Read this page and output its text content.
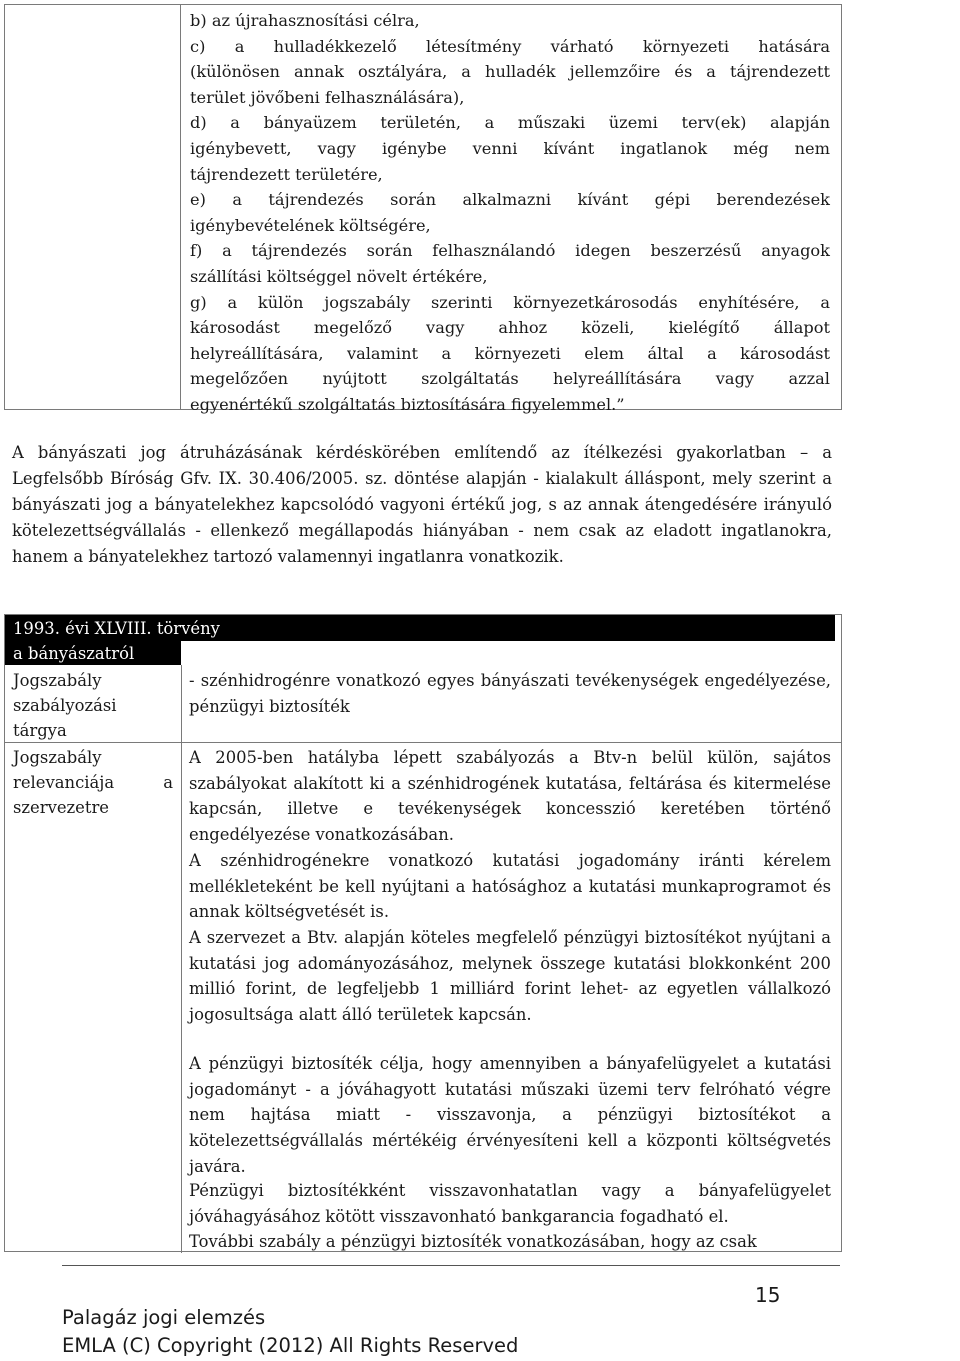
b) az újrahasznosítási célra,
c) a hulladékkezelő létesítmény várható környezeti hatására
(különösen annak osztályára, a hulladék jellemzőire és a tájrendezett
terület jövőbeni felhasználására),
d) a bányaüzem területén, a műszaki üzemi terv(ek) alapján
igénybevett, vagy igénybe venni kívánt ingatlanok még nem
tájrendezett területére,
e) a tájrendezés során alkalmazni kívánt gépi berendezések
igénybevételének költségére,
f) a tájrendezés során felhasználandó idegen beszerzésű anyagok
szállítási költséggel növelt értékére,
g) a külön jogszabály szerinti környezetkárosodás enyhítésére, a
károsodást megelőző vagy ahhoz közeli, kielégítő állapot
helyreállítására, valamint a környezeti elem által a károsodást
megelőzően nyújtott szolgáltatás helyreállítására vagy azzal
egyenértékű szolgáltatás biztosítására figyelemmel.”
A bányászati jog átruházásának kérdéskörében említendő az ítélkezési gyakorlatban – a Legfelsőbb Bíróság Gfv. IX. 30.406/2005. sz. döntése alapján - kialakult álláspont, mely szerint a bányászati jog a bányatelekhez kapcsolódó vagyoni értékű jog, s az annak átengedésére irányuló kötelezettségvállalás - ellenkező megállapodás hiányában - nem csak az eladott ingatlanokra, hanem a bányatelekhez tartozó valamennyi ingatlanra vonatkozik.
1993. évi XLVIII. törvény
a bányászatról
Jogszabály
szabályozási
tárgya
- szénhidrogénre vonatkozó egyes bányászati tevékenységek engedélyezése, pénzügyi biztosíték
Jogszabály
relevanciája	a
szervezetre
A 2005-ben hatályba lépett szabályozás a Btv-n belül külön, sajátos szabályokat alakított ki a szénhidrogének kutatása, feltárása és kitermelése kapcsán, illetve e tevékenységek koncesszió keretében történő engedélyezése vonatkozásában.
A szénhidrogénekre vonatkozó kutatási jogadomány iránti kérelem mellékleteként be kell nyújtani a hatósághoz a kutatási munkaprogramot és annak költségvetését is.
A szervezet a Btv. alapján köteles megfelelő pénzügyi biztosítékot nyújtani a kutatási jog adományozásához, melynek összege kutatási blokkonként 200 millió forint, de legfeljebb 1 milliárd forint lehet- az egyetlen vállalkozó jogosultsága alatt álló területek kapcsán.
A pénzügyi biztosíték célja, hogy amennyiben a bányafelügyelet a kutatási jogadományt - a jóváhagyott kutatási műszaki üzemi terv felróható végre nem hajtása miatt - visszavonja, a pénzügyi biztosítékot a kötelezettségvállalás mértékéig érvényesíteni kell a központi költségvetés javára.
Pénzügyi biztosítékként visszavonhatatlan vagy a bányafelügyelet jóváhagyásához kötött visszavonható bankgarancia fogadható el.
További szabály a pénzügyi biztosíték vonatkozásában, hogy az csak
15
Palagáz jogi elemzés
EMLA (C) Copyright (2012) All Rights Reserved
